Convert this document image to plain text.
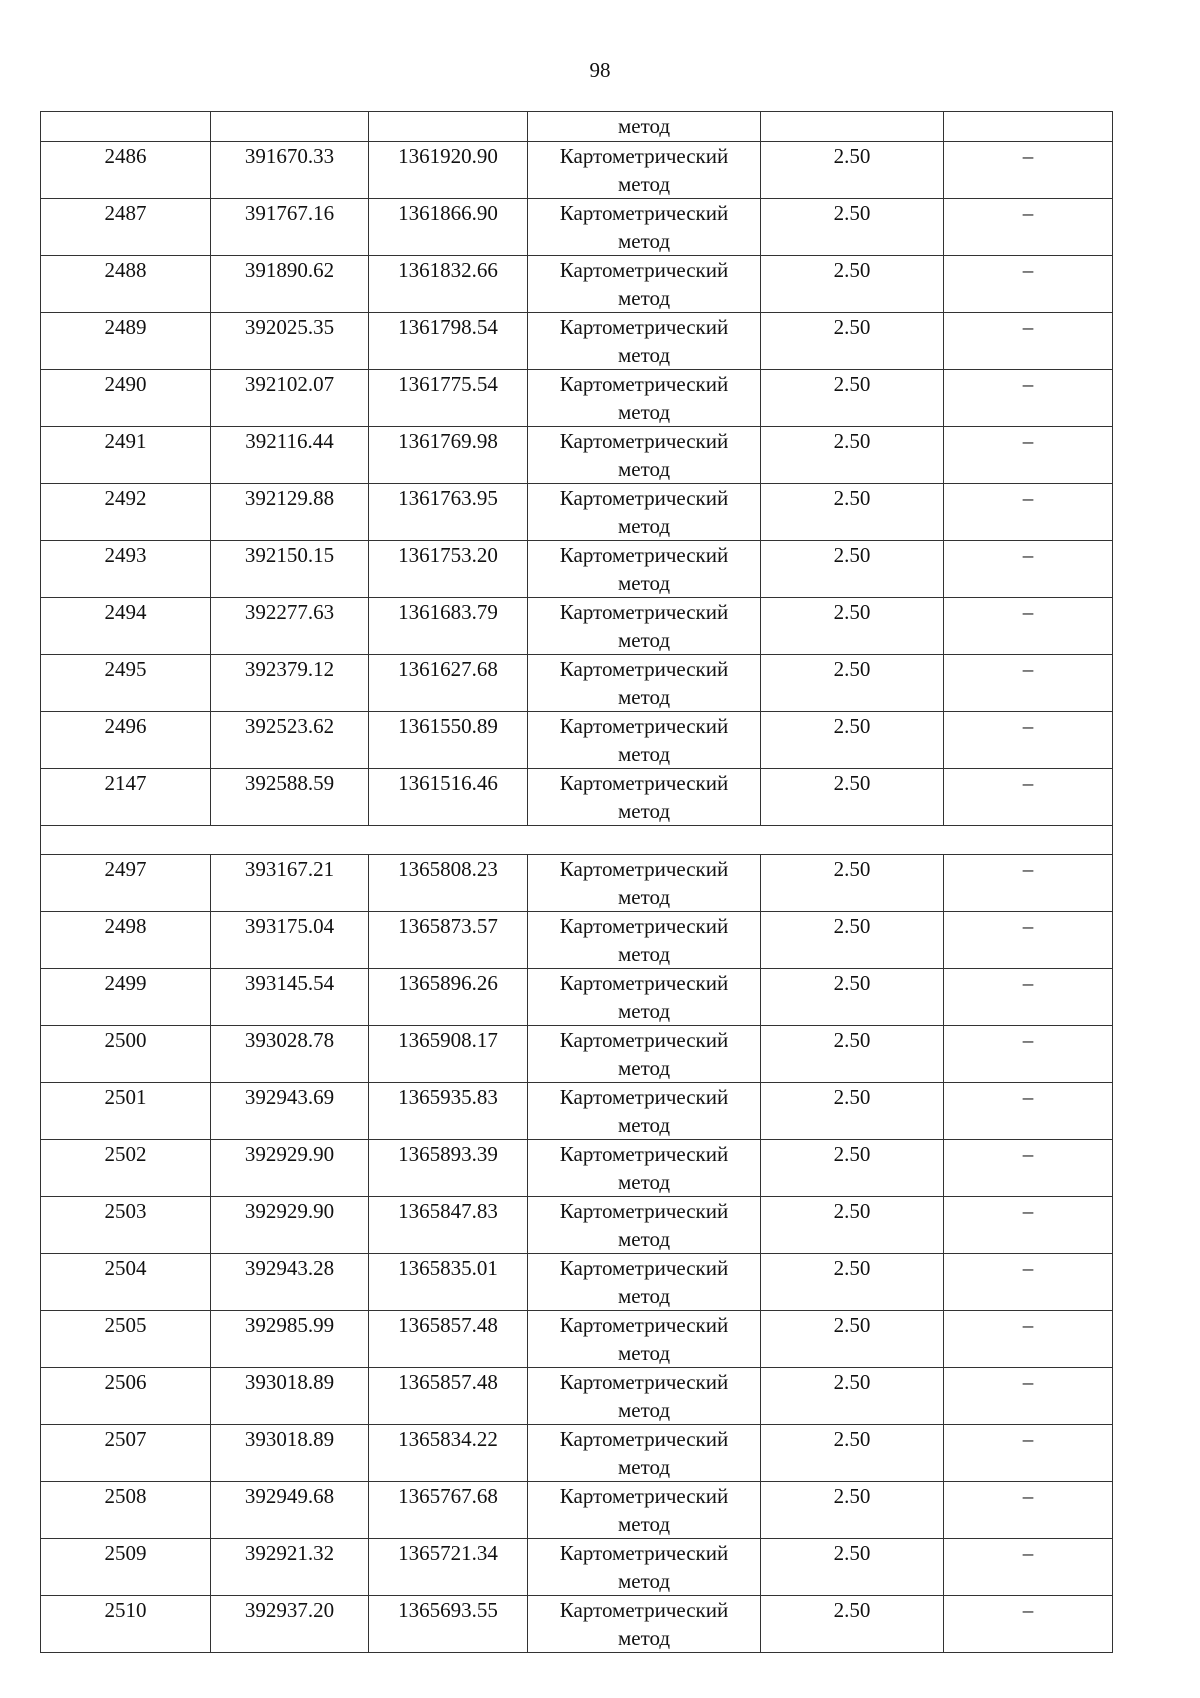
98
			метод		
2486	391670.33	1361920.90	Картометрический
метод	2.50	–
2487	391767.16	1361866.90	Картометрический
метод	2.50	–
2488	391890.62	1361832.66	Картометрический
метод	2.50	–
2489	392025.35	1361798.54	Картометрический
метод	2.50	–
2490	392102.07	1361775.54	Картометрический
метод	2.50	–
2491	392116.44	1361769.98	Картометрический
метод	2.50	–
2492	392129.88	1361763.95	Картометрический
метод	2.50	–
2493	392150.15	1361753.20	Картометрический
метод	2.50	–
2494	392277.63	1361683.79	Картометрический
метод	2.50	–
2495	392379.12	1361627.68	Картометрический
метод	2.50	–
2496	392523.62	1361550.89	Картометрический
метод	2.50	–
2147	392588.59	1361516.46	Картометрический
метод	2.50	–

2497	393167.21	1365808.23	Картометрический
метод	2.50	–
2498	393175.04	1365873.57	Картометрический
метод	2.50	–
2499	393145.54	1365896.26	Картометрический
метод	2.50	–
2500	393028.78	1365908.17	Картометрический
метод	2.50	–
2501	392943.69	1365935.83	Картометрический
метод	2.50	–
2502	392929.90	1365893.39	Картометрический
метод	2.50	–
2503	392929.90	1365847.83	Картометрический
метод	2.50	–
2504	392943.28	1365835.01	Картометрический
метод	2.50	–
2505	392985.99	1365857.48	Картометрический
метод	2.50	–
2506	393018.89	1365857.48	Картометрический
метод	2.50	–
2507	393018.89	1365834.22	Картометрический
метод	2.50	–
2508	392949.68	1365767.68	Картометрический
метод	2.50	–
2509	392921.32	1365721.34	Картометрический
метод	2.50	–
2510	392937.20	1365693.55	Картометрический
метод	2.50	–
